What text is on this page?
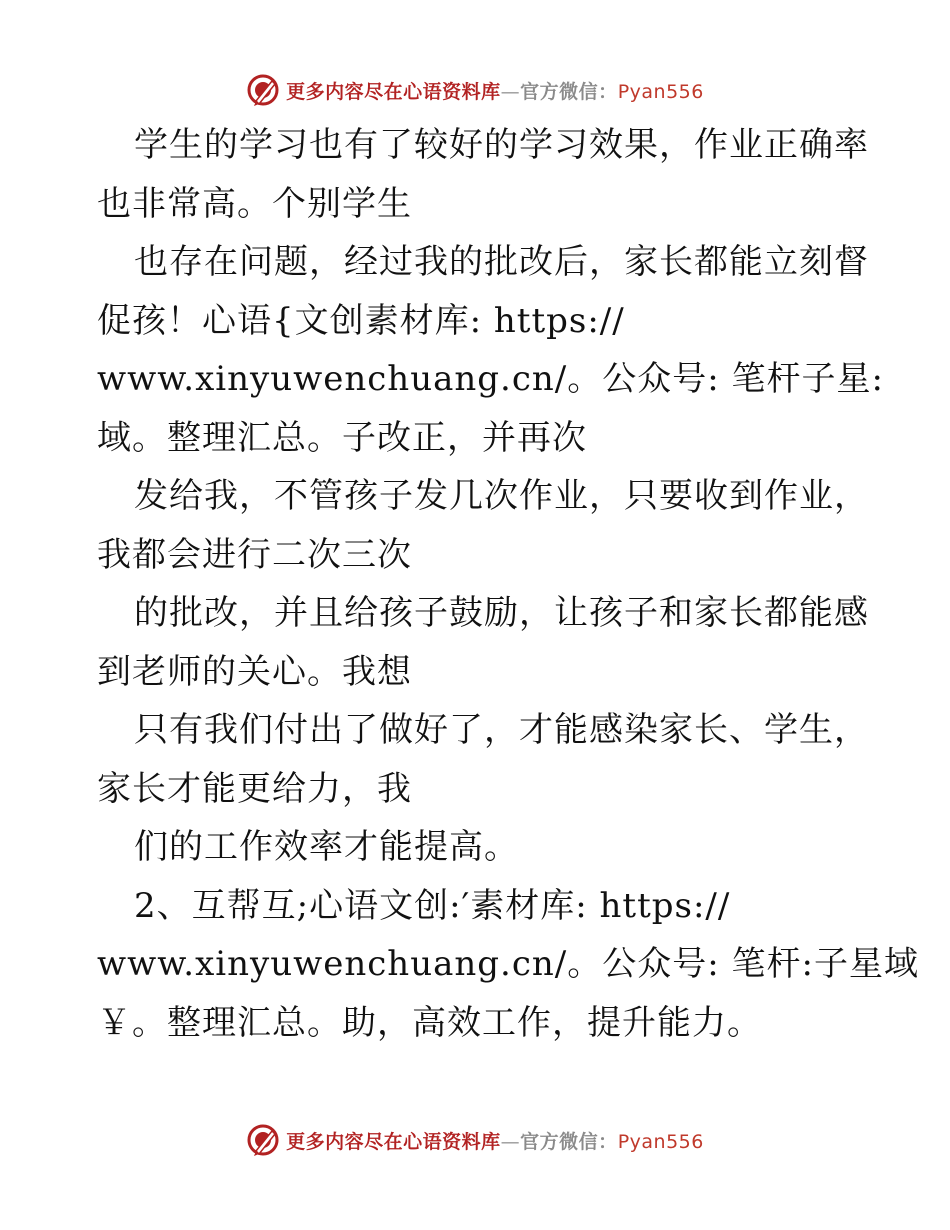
更多内容尽在心语资料库—官方微信：Pyan556
学生的学习也有了较好的学习效果，作业正确率
也非常高。个别学生
也存在问题，经过我的批改后，家长都能立刻督
促孩！心语{文创素材库: https://
www.xinyuwenchuang.cn/。公众号: 笔杆子星:
域。整理汇总。子改正，并再次
发给我，不管孩子发几次作业，只要收到作业，
我都会进行二次三次
的批改，并且给孩子鼓励，让孩子和家长都能感
到老师的关心。我想
只有我们付出了做好了，才能感染家长、学生，
家长才能更给力，我
们的工作效率才能提高。
2、互帮互;心语文创:′素材库: https://
www.xinyuwenchuang.cn/。公众号: 笔杆:子星域
￥。整理汇总。助，高效工作，提升能力。
更多内容尽在心语资料库—官方微信：Pyan556
